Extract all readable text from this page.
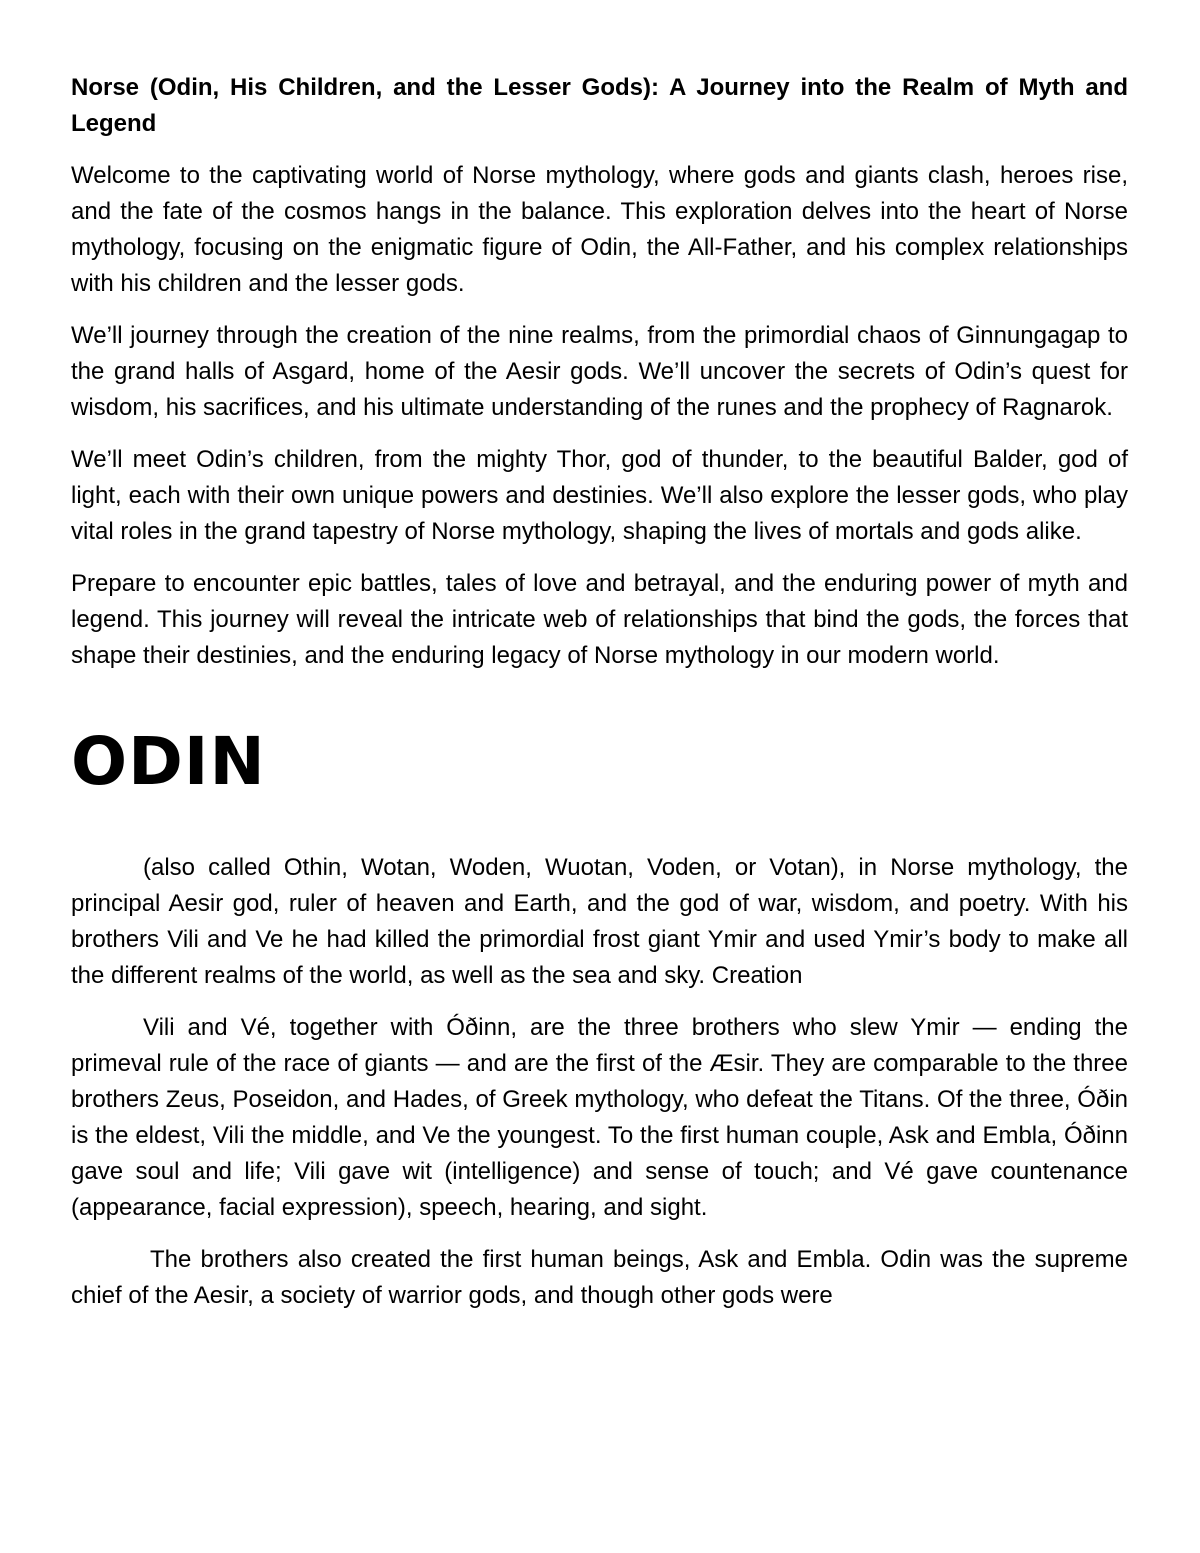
Norse (Odin, His Children, and the Lesser Gods): A Journey into the Realm of Myth and Legend

Welcome to the captivating world of Norse mythology, where gods and giants clash, heroes rise, and the fate of the cosmos hangs in the balance. This exploration delves into the heart of Norse mythology, focusing on the enigmatic figure of Odin, the All-Father, and his complex relationships with his children and the lesser gods.

We’ll journey through the creation of the nine realms, from the primordial chaos of Ginnungagap to the grand halls of Asgard, home of the Aesir gods. We’ll uncover the secrets of Odin’s quest for wisdom, his sacrifices, and his ultimate understanding of the runes and the prophecy of Ragnarok.

We’ll meet Odin’s children, from the mighty Thor, god of thunder, to the beautiful Balder, god of light, each with their own unique powers and destinies. We’ll also explore the lesser gods, who play vital roles in the grand tapestry of Norse mythology, shaping the lives of mortals and gods alike.

Prepare to encounter epic battles, tales of love and betrayal, and the enduring power of myth and legend. This journey will reveal the intricate web of relationships that bind the gods, the forces that shape their destinies, and the enduring legacy of Norse mythology in our modern world.

ODIN

(also called Othin, Wotan, Woden, Wuotan, Voden, or Votan), in Norse mythology, the principal Aesir god, ruler of heaven and Earth, and the god of war, wisdom, and poetry. With his brothers Vili and Ve he had killed the primordial frost giant Ymir and used Ymir’s body to make all the different realms of the world, as well as the sea and sky. Creation

Vili and Vé, together with Óðinn, are the three brothers who slew Ymir — ending the primeval rule of the race of giants — and are the first of the Æsir. They are comparable to the three brothers Zeus, Poseidon, and Hades, of Greek mythology, who defeat the Titans. Of the three, Óðin is the eldest, Vili the middle, and Ve the youngest. To the first human couple, Ask and Embla, Óðinn gave soul and life; Vili gave wit (intelligence) and sense of touch; and Vé gave countenance (appearance, facial expression), speech, hearing, and sight.

The brothers also created the first human beings, Ask and Embla. Odin was the supreme chief of the Aesir, a society of warrior gods, and though other gods were
